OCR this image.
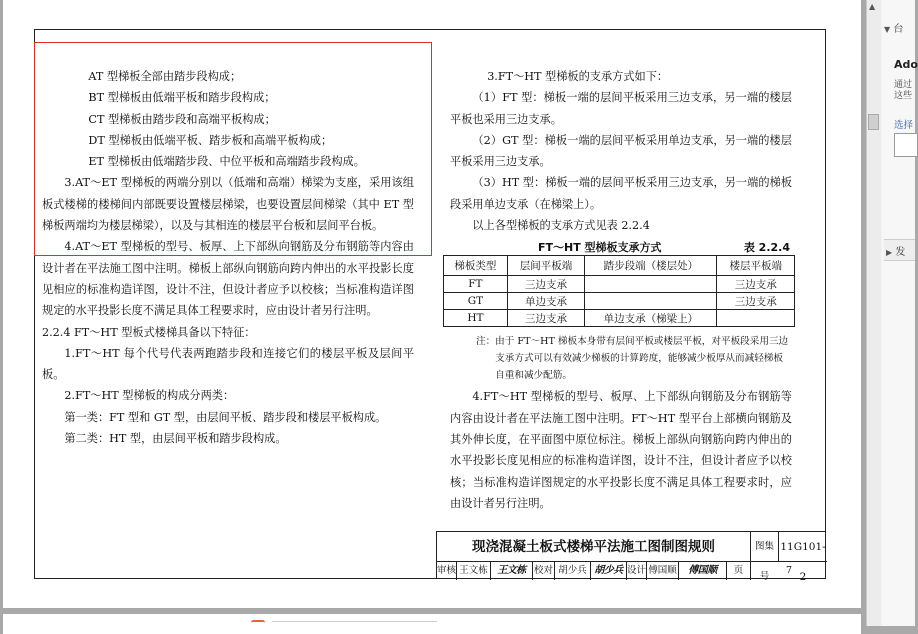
AT 型梯板全部由踏步段构成；

BT 型梯板由低端平板和踏步段构成；

CT 型梯板由踏步段和高端平板构成；

DT 型梯板由低端平板、踏步板和高端平板构成；

ET 型梯板由低端踏步段、中位平板和高端踏步段构成。

3.AT～ET 型梯板的两端分别以（低端和高端）梯梁为支座，采用该组板式楼梯的楼梯间内部既要设置楼层梯梁，也要设置层间梯梁（其中 ET 型梯板两端均为楼层梯梁），以及与其相连的楼层平台板和层间平台板。

4.AT～ET 型梯板的型号、板厚、上下部纵向钢筋及分布钢筋等内容由设计者在平法施工图中注明。梯板上部纵向钢筋向跨内伸出的水平投影长度见相应的标准构造详图，设计不注，但设计者应予以校核；当标准构造详图规定的水平投影长度不满足具体工程要求时，应由设计者另行注明。

2.2.4 FT～HT 型板式楼梯具备以下特征：

1.FT～HT 每个代号代表两跑踏步段和连接它们的楼层平板及层间平板。

2.FT～HT 型梯板的构成分两类：

第一类：FT 型和 GT 型，由层间平板、踏步段和楼层平板构成。

第二类：HT 型，由层间平板和踏步段构成。

3.FT～HT 型梯板的支承方式如下：

（1）FT 型：梯板一端的层间平板采用三边支承，另一端的楼层平板也采用三边支承。

（2）GT 型：梯板一端的层间平板采用单边支承，另一端的楼层平板采用三边支承。

（3）HT 型：梯板一端的层间平板采用三边支承，另一端的梯板段采用单边支承（在梯梁上）。

以上各型梯板的支承方式见表 2.2.4

FT～HT 型梯板支承方式	表 2.2.4
梯板类型	层间平板端	踏步段端（楼层处）	楼层平板端
FT	三边支承		三边支承
GT	单边支承		三边支承
HT	三边支承	单边支承（梯梁上）	

注：由于 FT～HT 梯板本身带有层间平板或楼层平板，对平板段采用三边支承方式可以有效减少梯板的计算跨度，能够减少板厚从而减轻梯板自重和减少配筋。

4.FT～HT 型梯板的型号、板厚、上下部纵向钢筋及分布钢筋等内容由设计者在平法施工图中注明。FT～HT 型平台上部横向钢筋及其外伸长度，在平面图中原位标注。梯板上部纵向钢筋向跨内伸出的水平投影长度见相应的标准构造详图，设计不注，但设计者应予以校核；当标准构造详图规定的水平投影长度不满足具体工程要求时，应由设计者另行注明。

现浇混凝土板式楼梯平法施工图制图规则	图集号
11G101-2
审核 王文栋 王文栋 校对 胡少兵 胡少兵 设计 傅国顺	傅国顺	页	7
▲
▼ 台
Ado
通过
这些
选择
▶ 发
